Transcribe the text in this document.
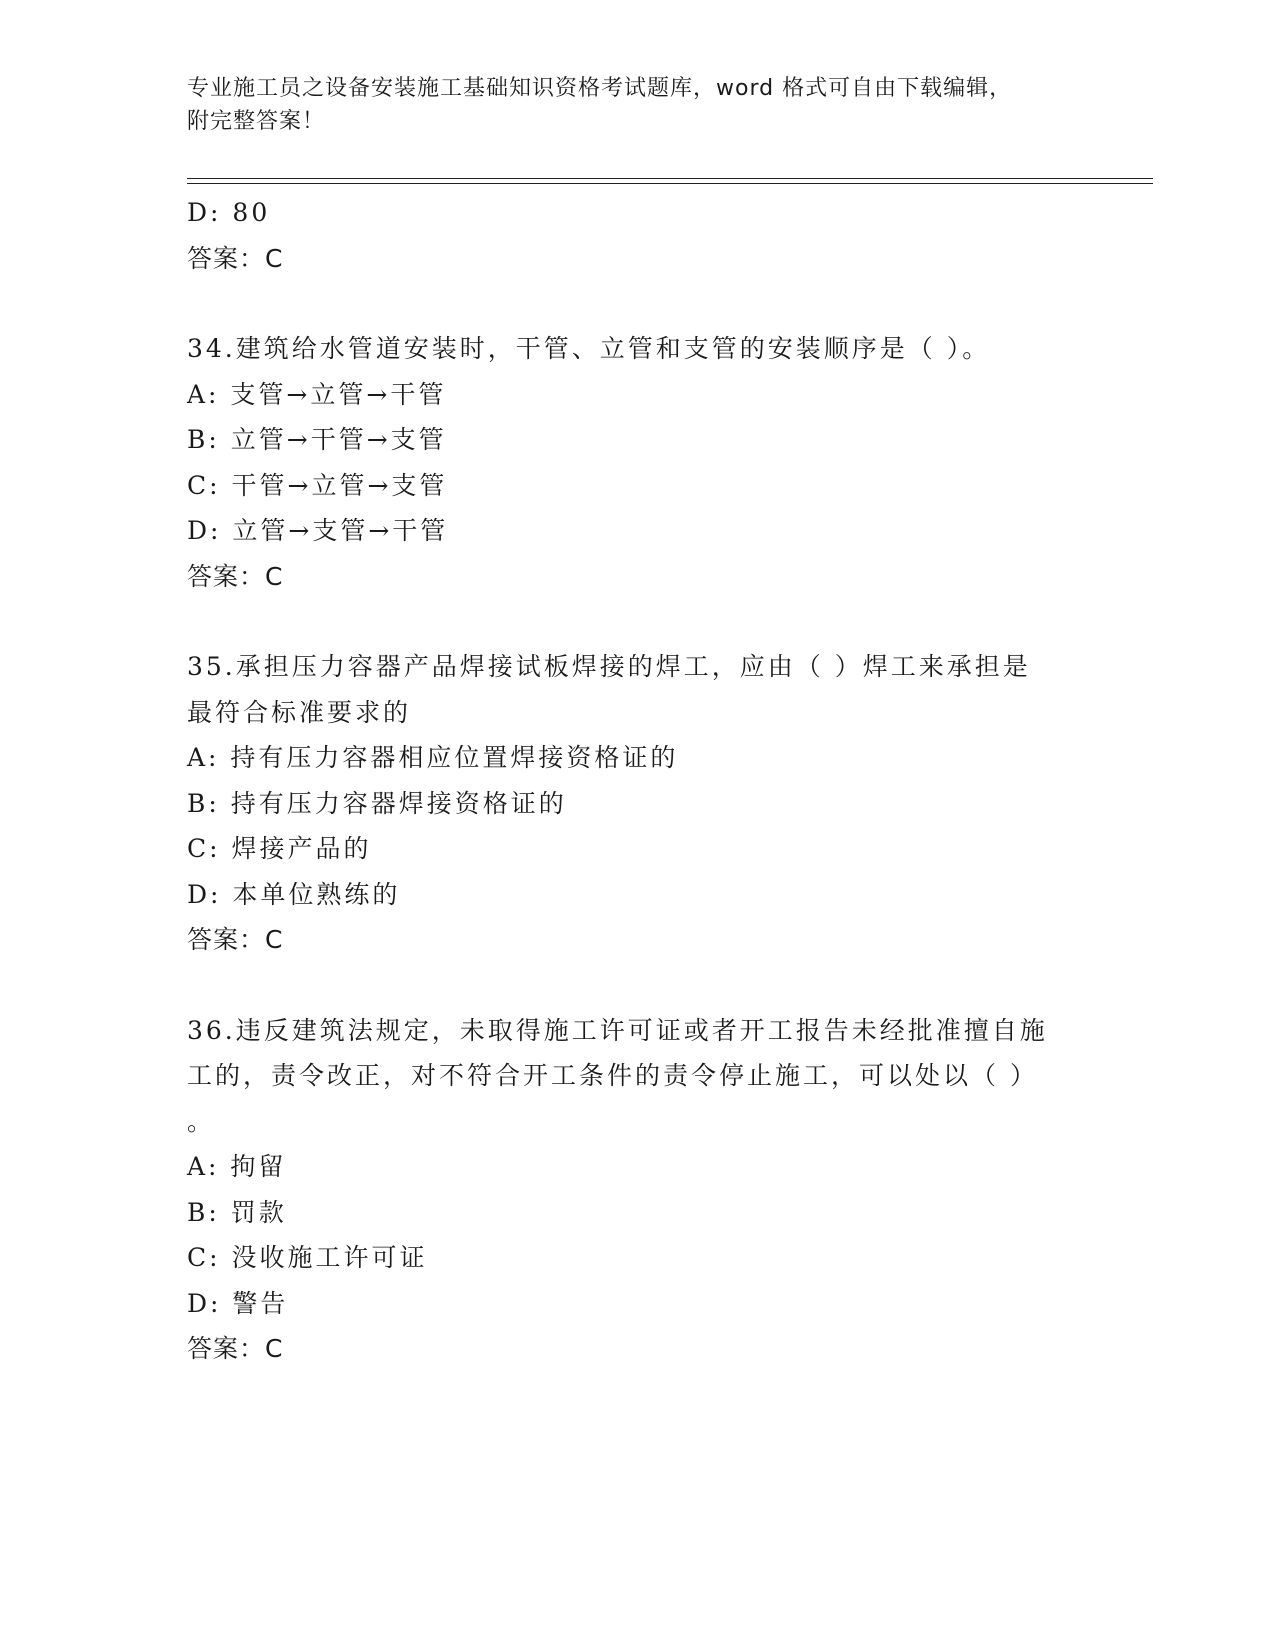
专业施工员之设备安装施工基础知识资格考试题库，word 格式可自由下载编辑，
附完整答案！
D: 80
答案：C
34.建筑给水管道安装时，干管、立管和支管的安装顺序是（ ）。
A: 支管→立管→干管
B: 立管→干管→支管
C: 干管→立管→支管
D: 立管→支管→干管
答案：C
35.承担压力容器产品焊接试板焊接的焊工，应由（ ）焊工来承担是
最符合标准要求的
A: 持有压力容器相应位置焊接资格证的
B: 持有压力容器焊接资格证的
C: 焊接产品的
D: 本单位熟练的
答案：C
36.违反建筑法规定，未取得施工许可证或者开工报告未经批准擅自施
工的，责令改正，对不符合开工条件的责令停止施工，可以处以（ ）
。
A: 拘留
B: 罚款
C: 没收施工许可证
D: 警告
答案：C
